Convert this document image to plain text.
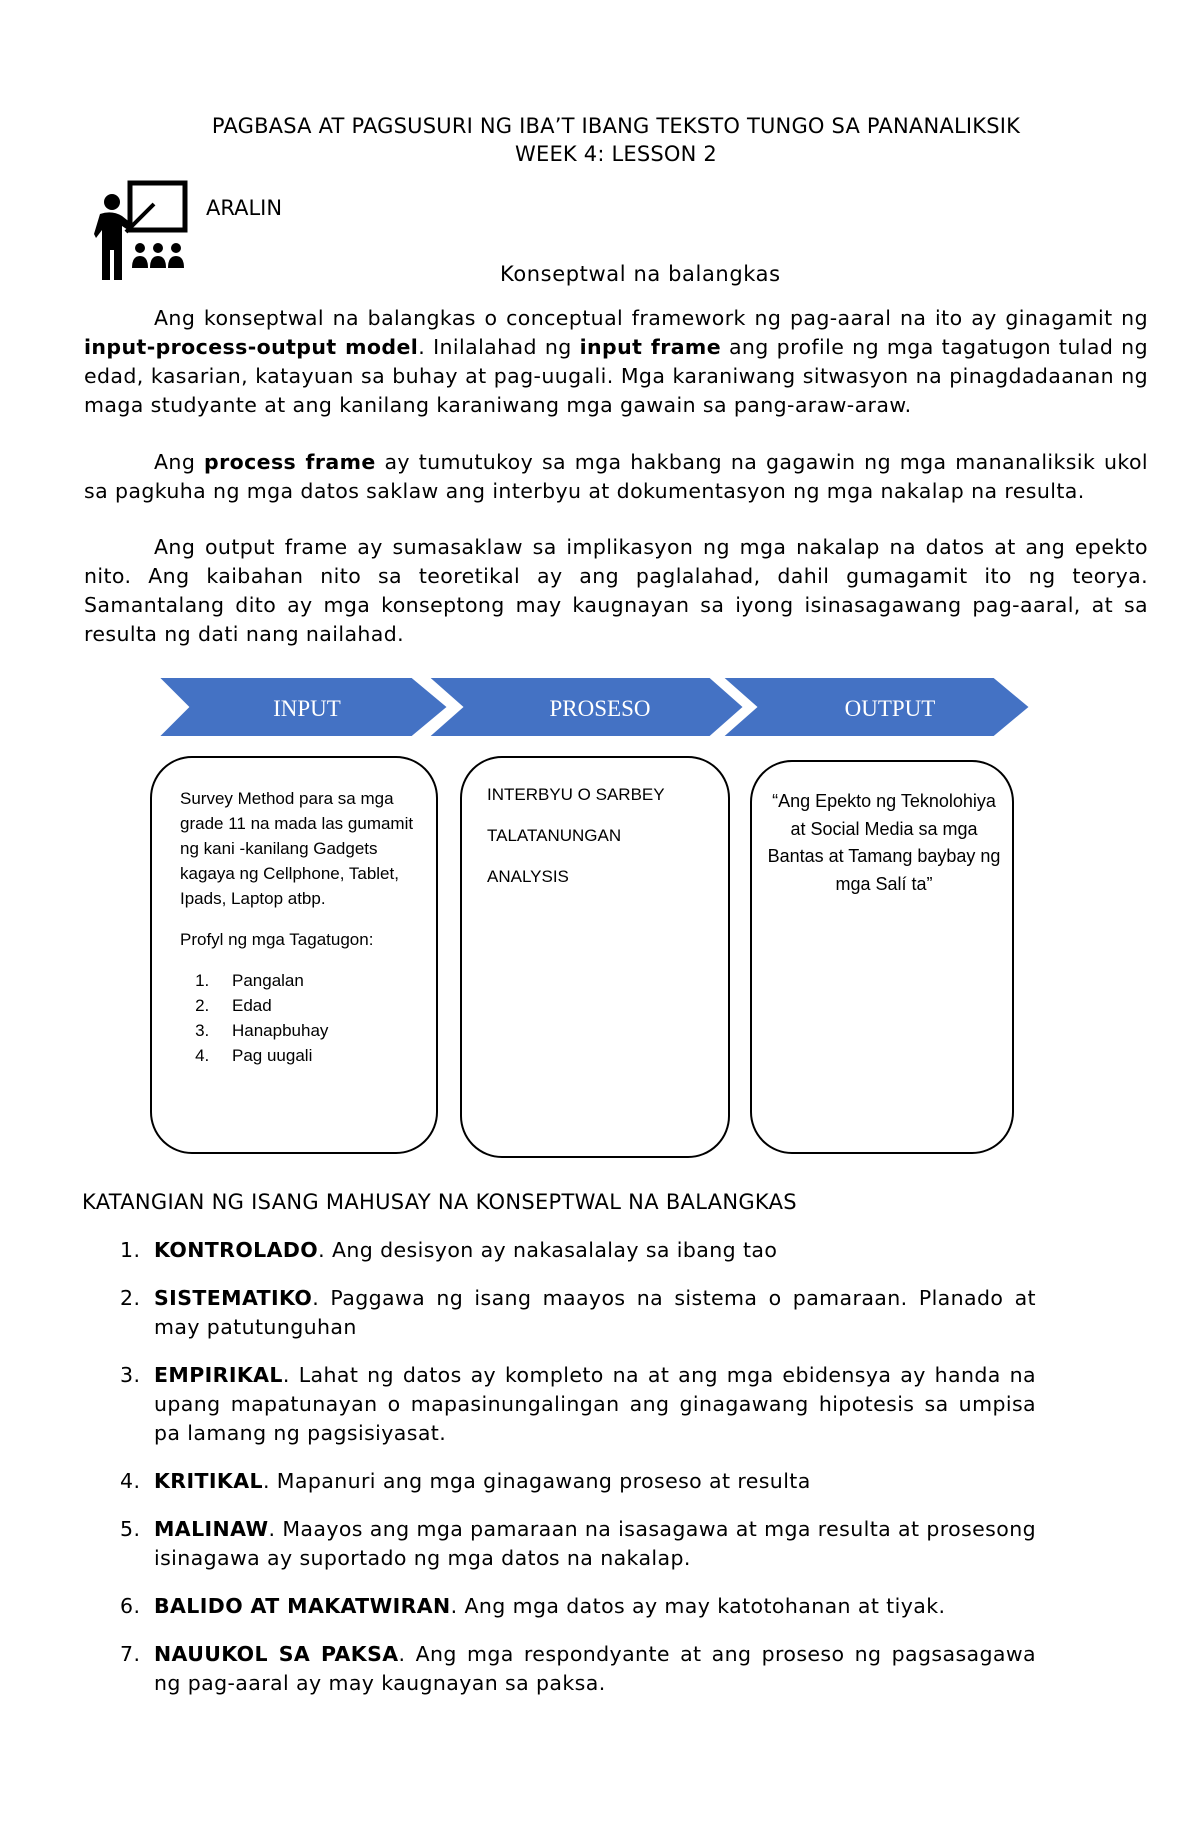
PAGBASA AT PAGSUSURI NG IBA’T IBANG TEKSTO TUNGO SA PANANALIKSIK
WEEK 4: LESSON 2
ARALIN
Konseptwal na balangkas
Ang konseptwal na balangkas o conceptual framework ng pag-aaral na ito ay ginagamit ng input-process-output model. Inilalahad ng input frame ang profile ng mga tagatugon tulad ng edad, kasarian, katayuan sa buhay at pag-uugali. Mga karaniwang sitwasyon na pinagdadaanan ng maga studyante at ang kanilang karaniwang mga gawain sa pang-araw-araw.
Ang process frame ay tumutukoy sa mga hakbang na gagawin ng mga mananaliksik ukol sa pagkuha ng mga datos saklaw ang interbyu at dokumentasyon ng mga nakalap na resulta.
Ang output frame ay sumasaklaw sa implikasyon ng mga nakalap na datos at ang epekto nito. Ang kaibahan nito sa teoretikal ay ang paglalahad, dahil gumagamit ito ng teorya. Samantalang dito ay mga konseptong may kaugnayan sa iyong isinasagawang pag-aaral, at sa resulta ng dati nang nailahad.
INPUT	PROSESO	OUTPUT

Survey Method para sa mga grade 11 na mada las gumamit ng kani -kanilang Gadgets kagaya ng Cellphone, Tablet, Ipads, Laptop atbp.

Profyl ng mga Tagatugon:

1. Pangalan
2. Edad
3. Hanapbuhay
4. Pag uugali

INTERBYU O SARBEY

TALATANUNGAN

ANALYSIS

“Ang Epekto ng Teknolohiya at Social Media sa mga Bantas at Tamang baybay ng mga Salí ta”
KATANGIAN NG ISANG MAHUSAY NA KONSEPTWAL NA BALANGKAS
1. KONTROLADO. Ang desisyon ay nakasalalay sa ibang tao
2. SISTEMATIKO. Paggawa ng isang maayos na sistema o pamaraan. Planado at may patutunguhan
3. EMPIRIKAL. Lahat ng datos ay kompleto na at ang mga ebidensya ay handa na upang mapatunayan o mapasinungalingan ang ginagawang hipotesis sa umpisa pa lamang ng pagsisiyasat.
4. KRITIKAL. Mapanuri ang mga ginagawang proseso at resulta
5. MALINAW. Maayos ang mga pamaraan na isasagawa at mga resulta at prosesong isinagawa ay suportado ng mga datos na nakalap.
6. BALIDO AT MAKATWIRAN. Ang mga datos ay may katotohanan at tiyak.
7. NAUUKOL SA PAKSA. Ang mga respondyante at ang proseso ng pagsasagawa ng pag-aaral ay may kaugnayan sa paksa.
